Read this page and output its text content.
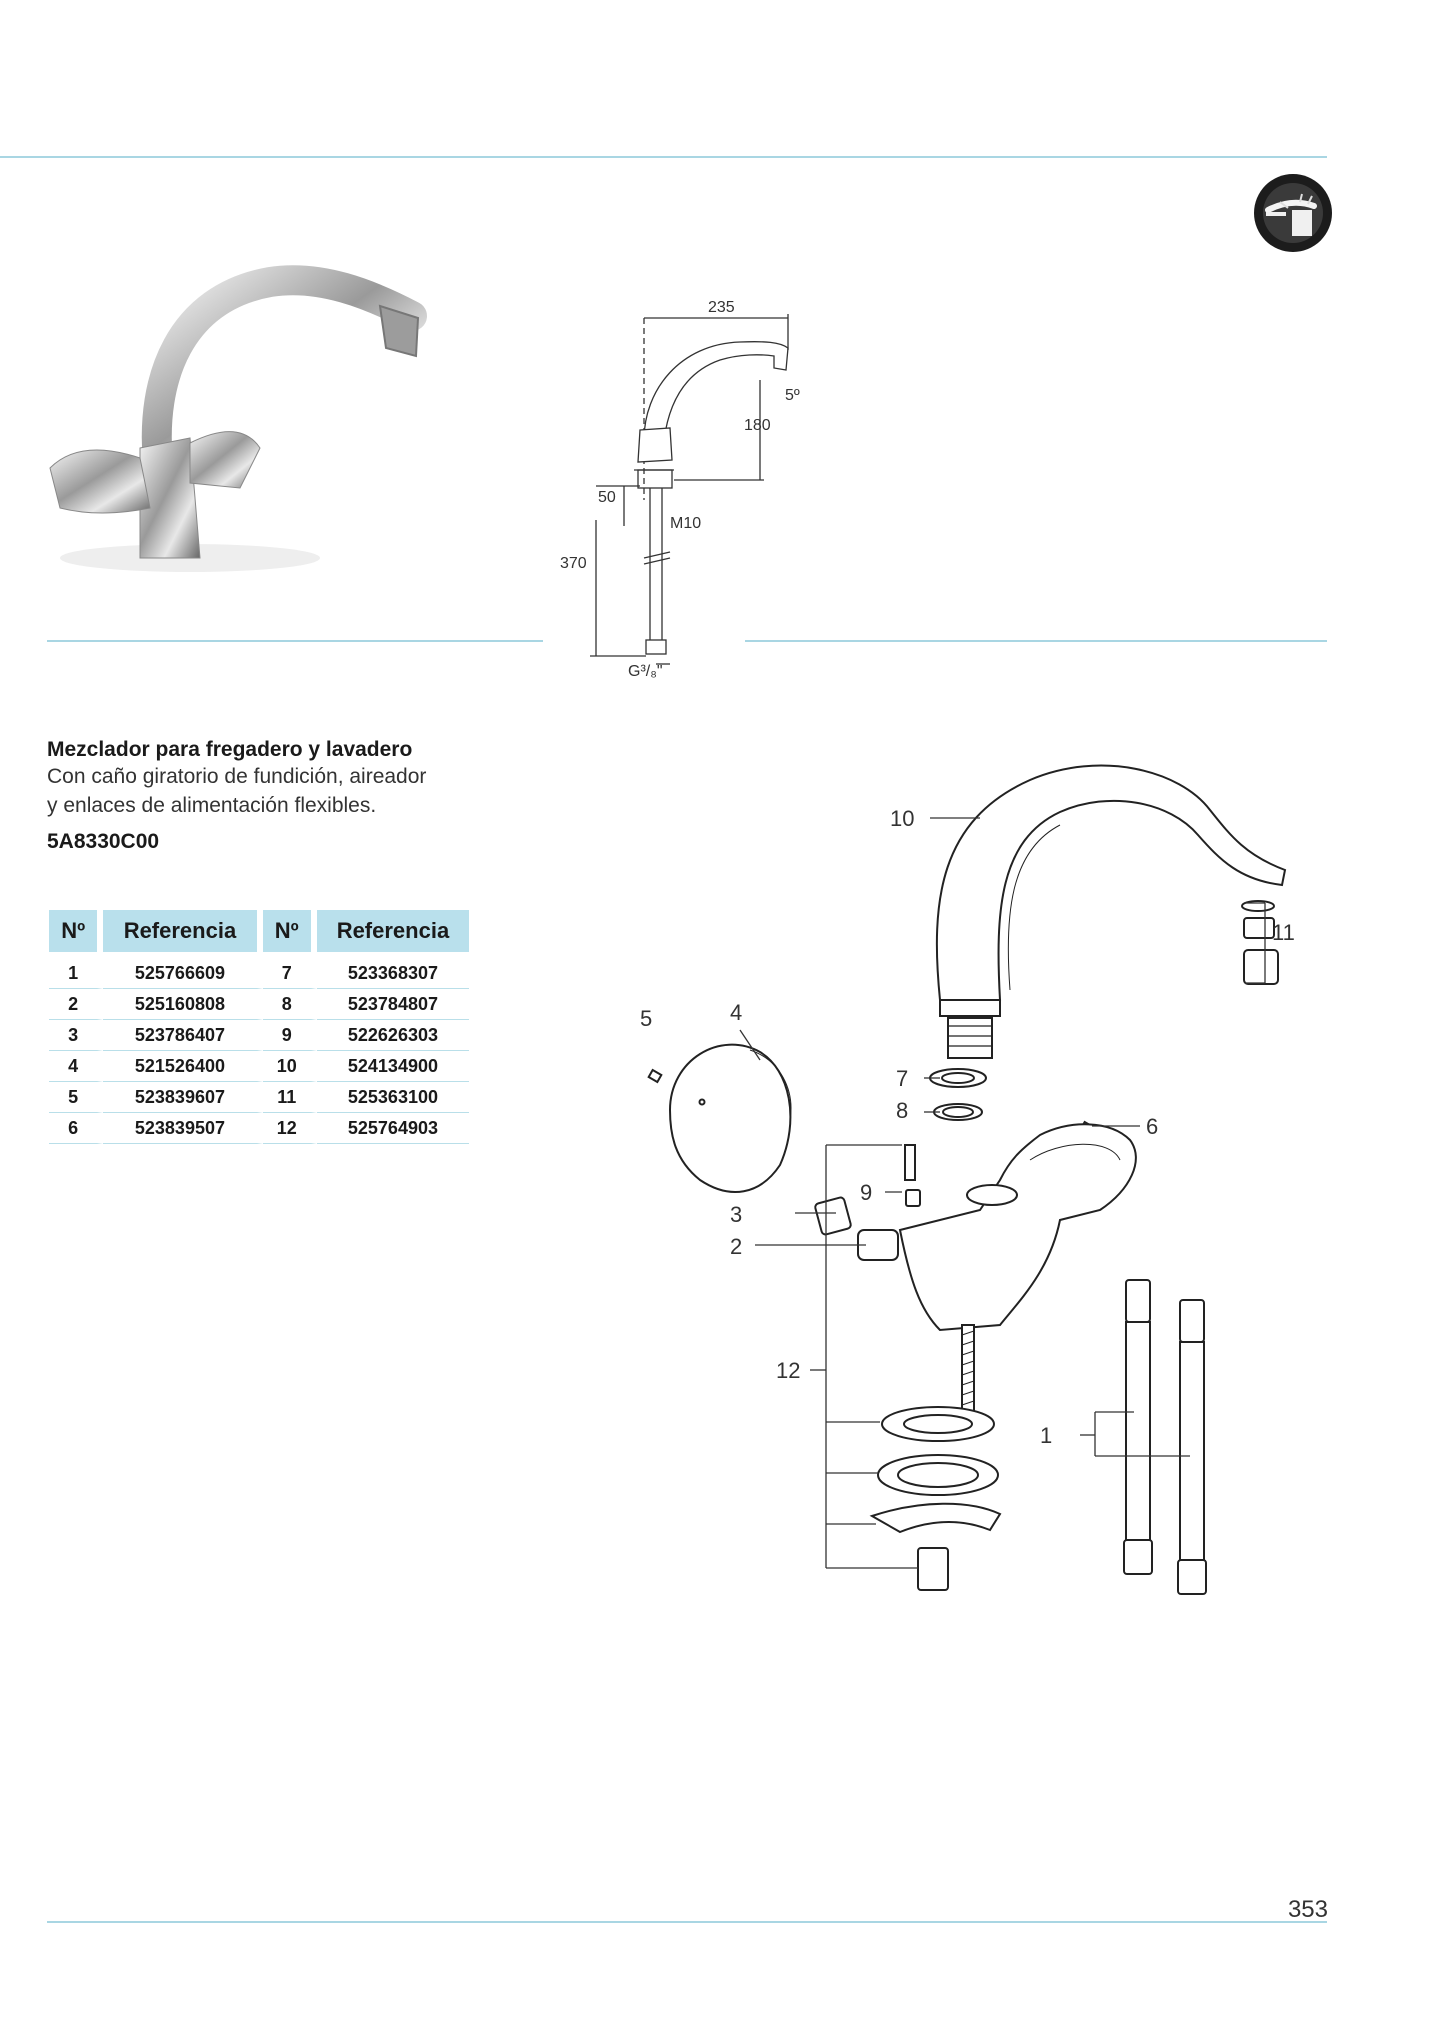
235
5º
180
50
M10
370
G³/₈"
Mezclador para fregadero y lavadero
Con caño giratorio de fundición, aireador
y enlaces de alimentación flexibles.
5A8330C00
Nº	Referencia	Nº	Referencia
1	525766609	7	523368307
2	525160808	8	523784807
3	523786407	9	522626303
4	521526400	10	524134900
5	523839607	11	525363100
6	523839507	12	525764903
10
11
5	4
7
8
6
9
3
2
12
1
353
